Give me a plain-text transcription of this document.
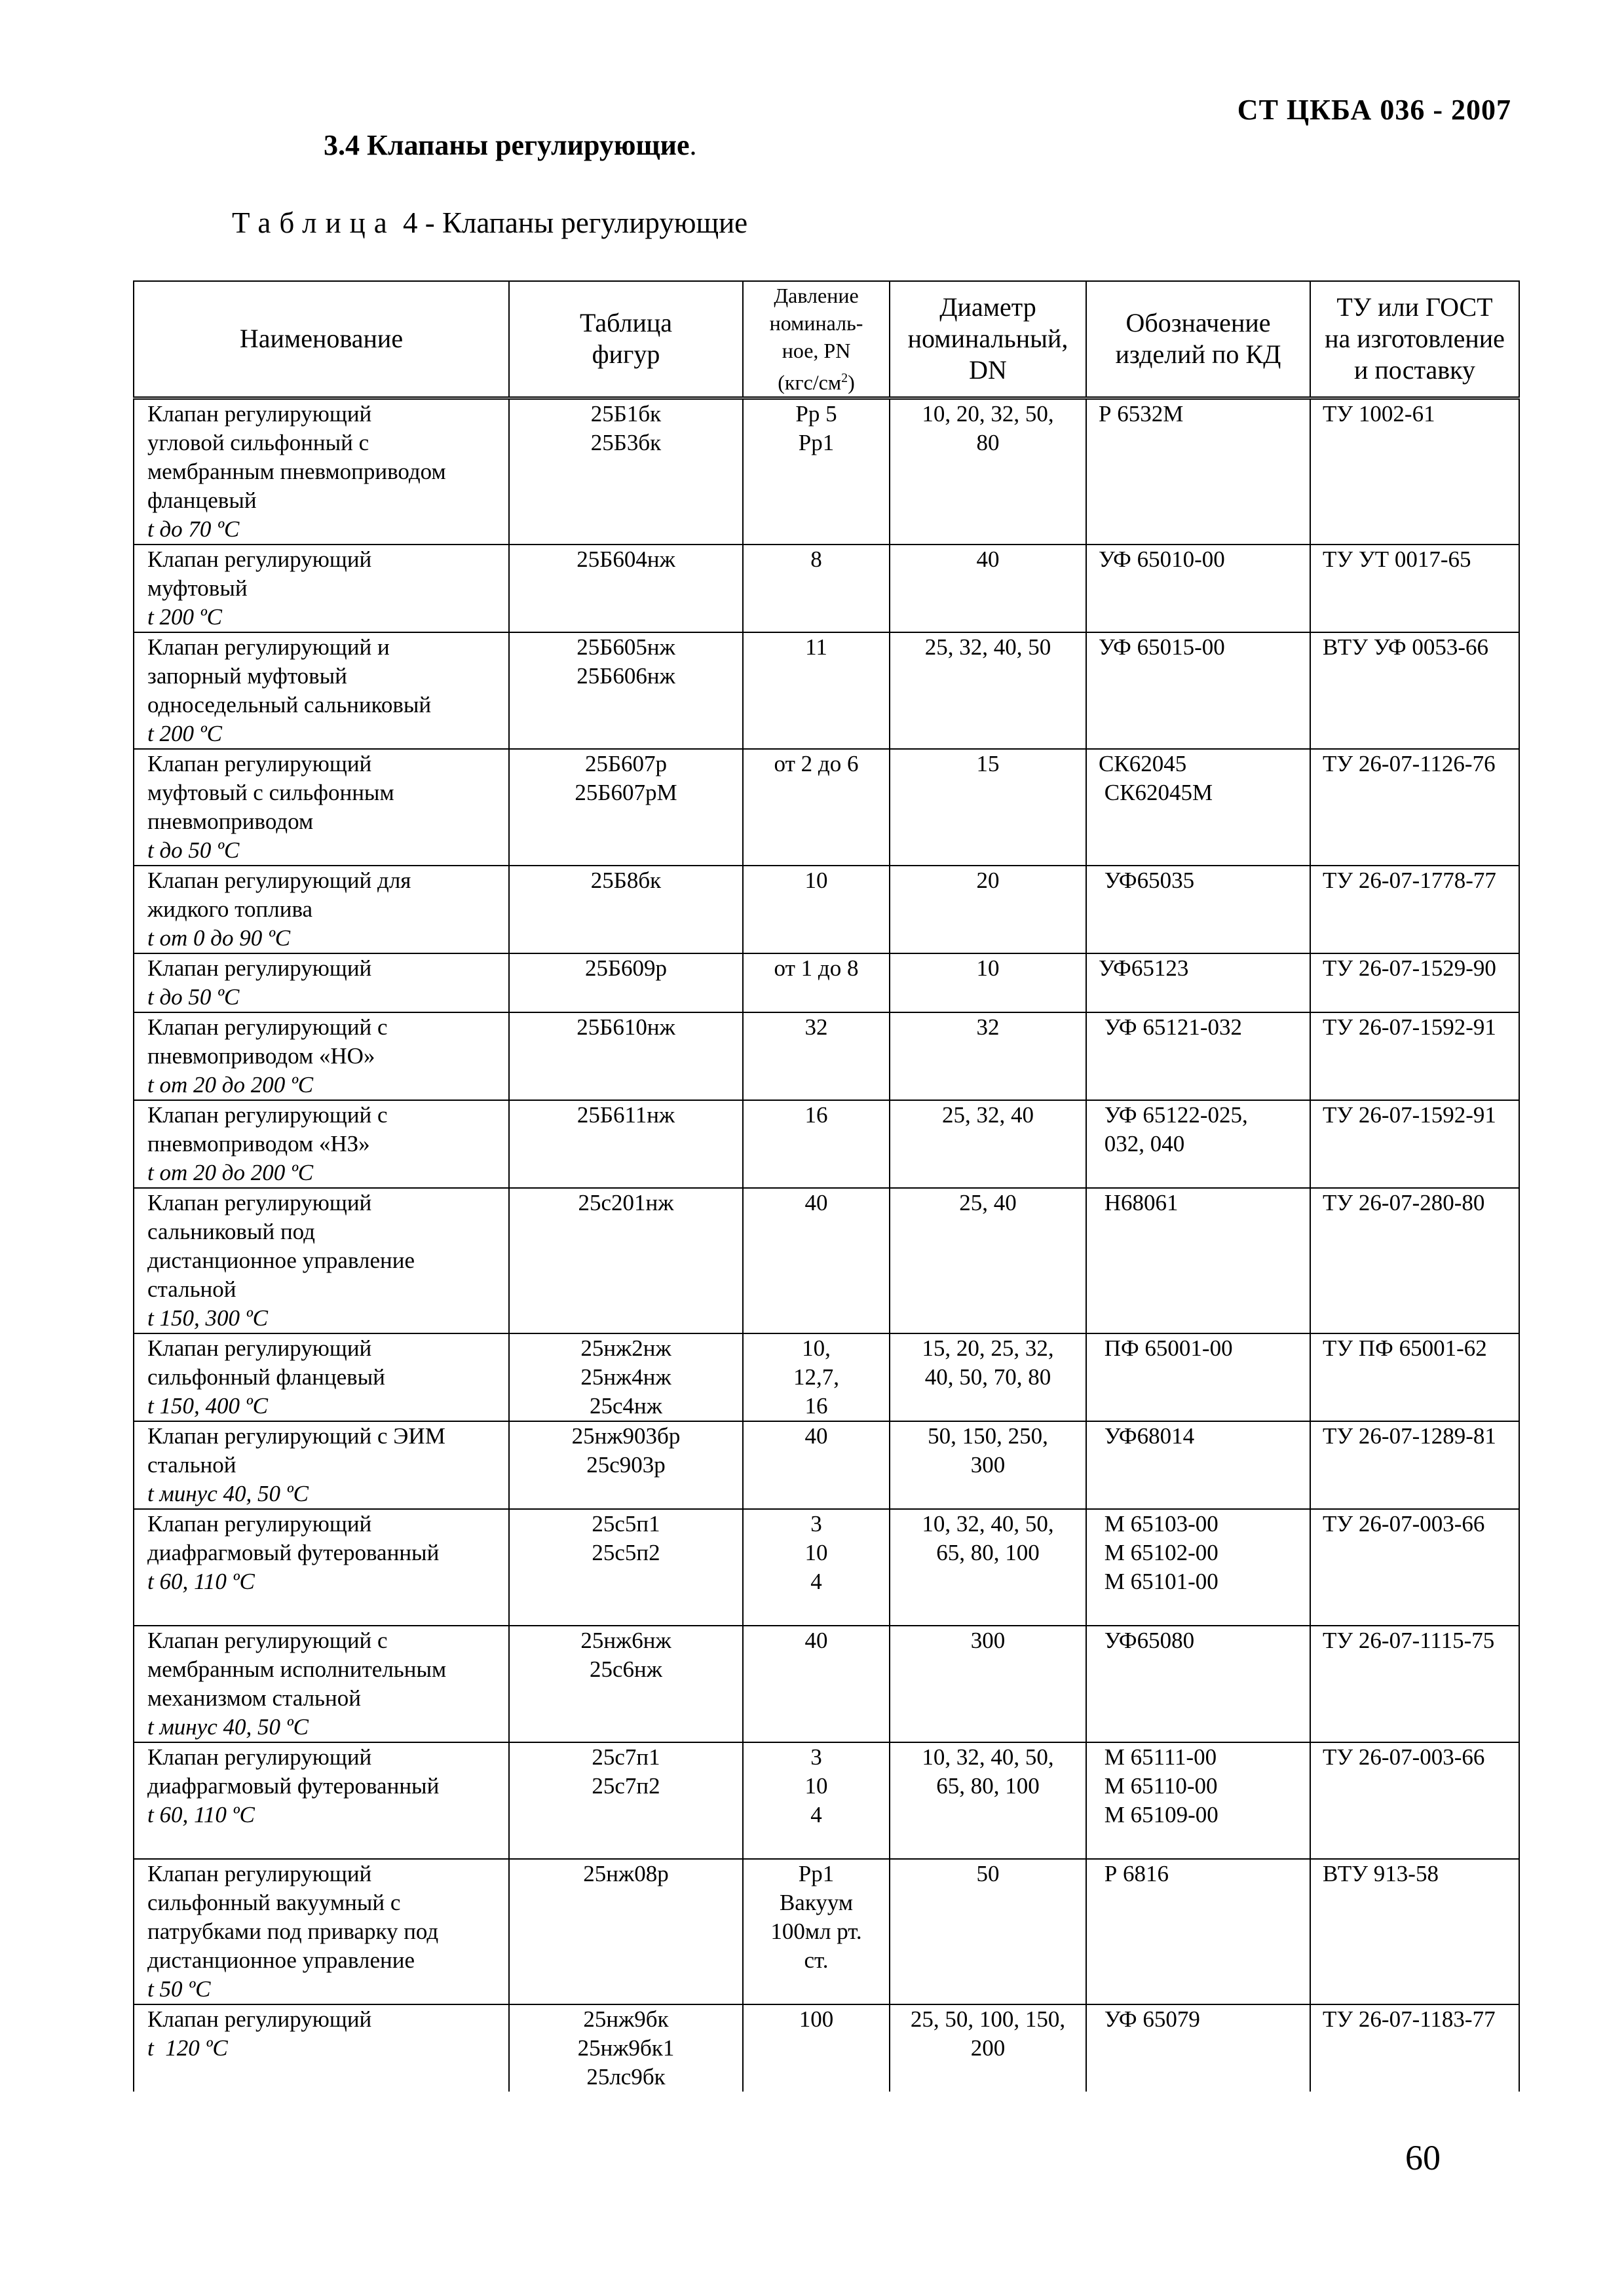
СТ ЦКБА 036 - 2007
3.4 Клапаны регулирующие.
Таблица 4 - Клапаны регулирующие
Наименование	Таблица
фигур	Давление
номиналь-
ное, PN
$(кгс/см^2)$	Диаметр
номинальный,
DN	Обозначение
изделий по КД	ТУ или ГОСТ
на изготовление
и поставку

Клапан регулирующий
угловой сильфонный с
мембранным пневмоприводом
фланцевый
t до 70 ºС	25Б1бк
25Б3бк	Рр 5
Рр1	10, 20, 32, 50,
80	Р 6532М	ТУ 1002-61

Клапан регулирующий
муфтовый
t 200 ºС	25Б604нж	8	40	УФ 65010-00	ТУ УТ 0017-65

Клапан регулирующий и
запорный муфтовый
односедельный сальниковый
t 200 ºС	25Б605нж
25Б606нж	11	25, 32, 40, 50	УФ 65015-00	ВТУ УФ 0053-66

Клапан регулирующий
муфтовый с сильфонным
пневмоприводом
t до 50 ºС	25Б607р
25Б607рМ	от 2 до 6	15	СК62045
СК62045М	ТУ 26-07-1126-76

Клапан регулирующий для
жидкого топлива
t от 0 до 90 ºС	25Б8бк	10	20	УФ65035	ТУ 26-07-1778-77

Клапан регулирующий
t до 50 ºС	25Б609р	от 1 до 8	10	УФ65123	ТУ 26-07-1529-90

Клапан регулирующий с
пневмоприводом «НО»
t от 20 до 200 ºС	25Б610нж	32	32	УФ 65121-032	ТУ 26-07-1592-91

Клапан регулирующий с
пневмоприводом «НЗ»
t от 20 до 200 ºС	25Б611нж	16	25, 32, 40	УФ 65122-025,
032, 040	ТУ 26-07-1592-91

Клапан регулирующий
сальниковый под
дистанционное управление
стальной
t 150, 300 ºС	25с201нж	40	25, 40	Н68061	ТУ 26-07-280-80

Клапан регулирующий
сильфонный фланцевый
t 150, 400 ºС	25нж2нж
25нж4нж
25с4нж	10,
12,7,
16	15, 20, 25, 32,
40, 50, 70, 80	ПФ 65001-00	ТУ ПФ 65001-62

Клапан регулирующий с ЭИМ
стальной
t минус 40, 50 ºС	25нж903бр
25с903р	40	50, 150, 250,
300	УФ68014	ТУ 26-07-1289-81

Клапан регулирующий
диафрагмовый футерованный
t 60, 110 ºС	25с5п1
25с5п2	3
10
4	10, 32, 40, 50,
65, 80, 100	М 65103-00
М 65102-00
М 65101-00	ТУ 26-07-003-66

Клапан регулирующий с
мембранным исполнительным
механизмом стальной
t минус 40, 50 ºС	25нж6нж
25с6нж	40	300	УФ65080	ТУ 26-07-1115-75

Клапан регулирующий
диафрагмовый футерованный
t 60, 110 ºС	25с7п1
25с7п2	3
10
4	10, 32, 40, 50,
65, 80, 100	М 65111-00
М 65110-00
М 65109-00	ТУ 26-07-003-66

Клапан регулирующий
сильфонный вакуумный с
патрубками под приварку под
дистанционное управление
t 50 ºС	25нж08р	Рр1
Вакуум
100мл рт.
ст.	50	Р 6816	ВТУ 913-58

Клапан регулирующий
t  120 ºС	25нж9бк
25нж9бк1
25лс9бк	100	25, 50, 100, 150,
200	УФ 65079	ТУ 26-07-1183-77
60
